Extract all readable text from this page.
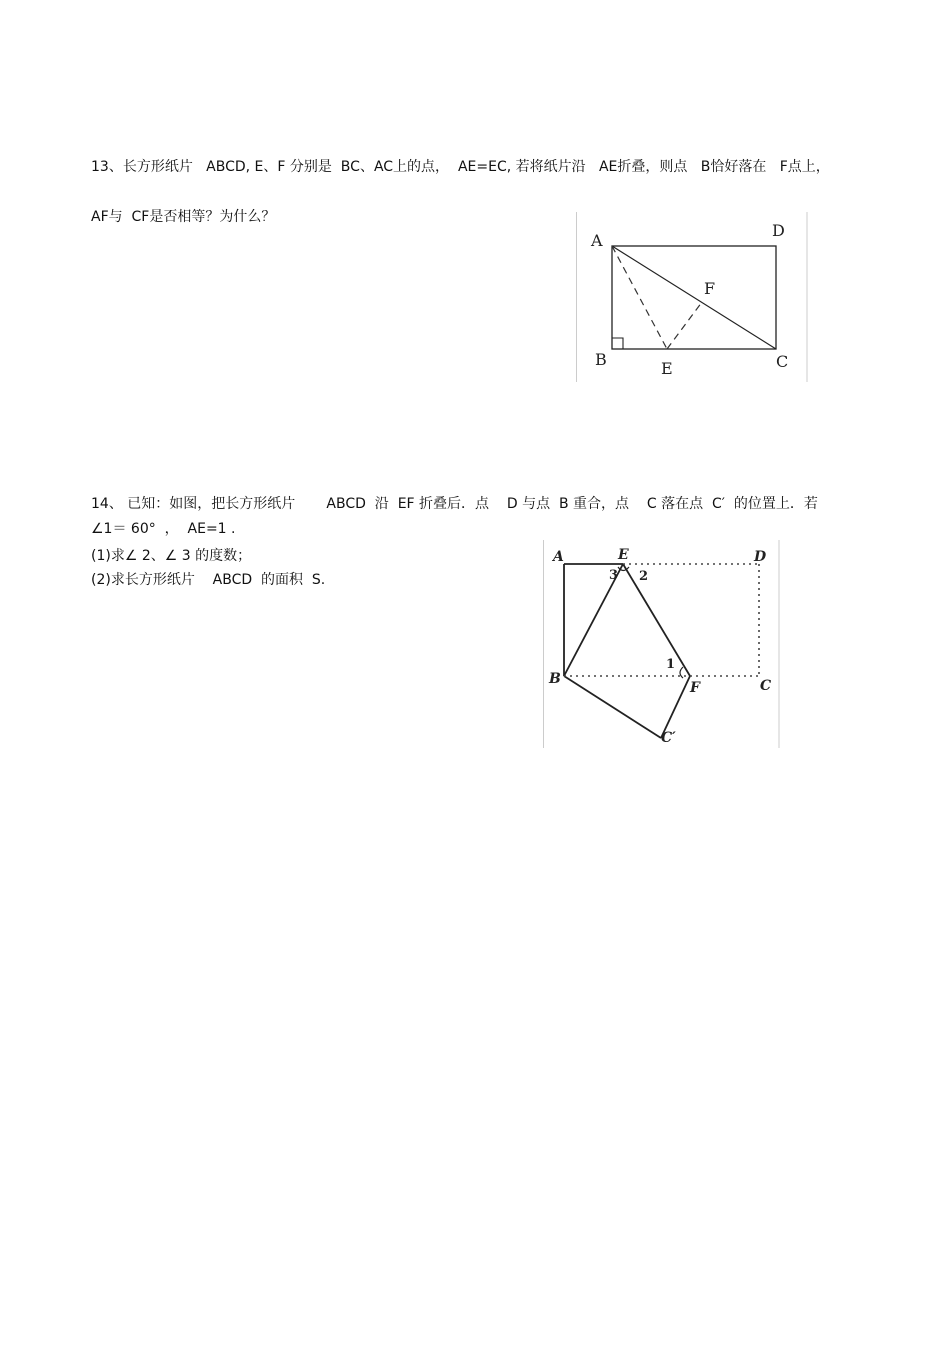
13、长方形纸片   ABCD, E、F 分别是  BC、AC上的点，  AE=EC, 若将纸片沿   AE折叠，则点   B恰好落在   F点上，
AF与  CF是否相等？为什么？
A
D
F
B	E	C
14、 已知：如图，把长方形纸片       ABCD  沿  EF 折叠后．点    D 与点  B 重合，点    C 落在点  C′  的位置上．若
∠1＝ 60°  ，  AE=1 .
(1)求∠ 2、∠ 3 的度数；
(2)求长方形纸片    ABCD  的面积  S.
A	E	D
3 2
1
B
F	C
C′
